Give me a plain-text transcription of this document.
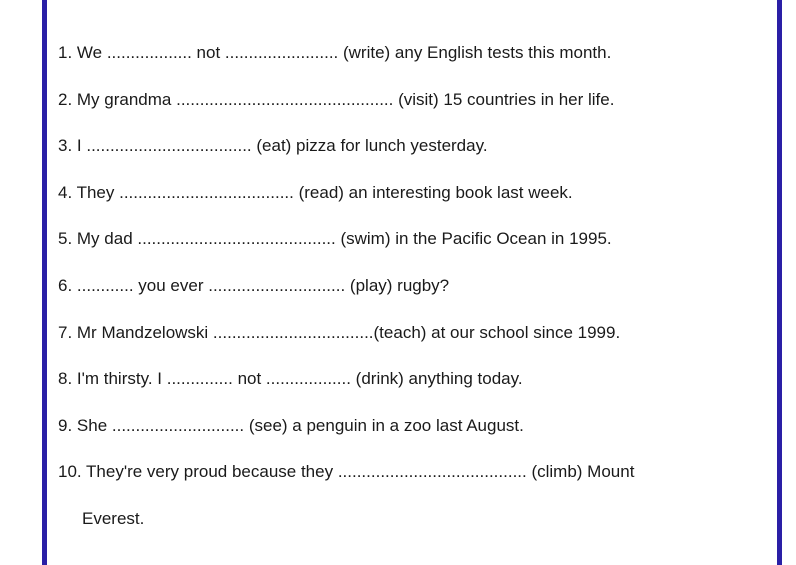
1. We .................. not ........................ (write) any English tests this month.
2. My grandma .............................................. (visit) 15 countries in her life.
3. I ................................... (eat) pizza for lunch yesterday.
4. They ..................................... (read) an interesting book last week.
5. My dad .......................................... (swim) in the Pacific Ocean in 1995.
6. ............ you ever ............................. (play) rugby?
7. Mr Mandzelowski ..................................(teach) at our school since 1999.
8. I'm thirsty. I .............. not .................. (drink) anything today.
9. She ............................ (see) a penguin in a zoo last August.
10. They're very proud because they ........................................ (climb) Mount
Everest.
